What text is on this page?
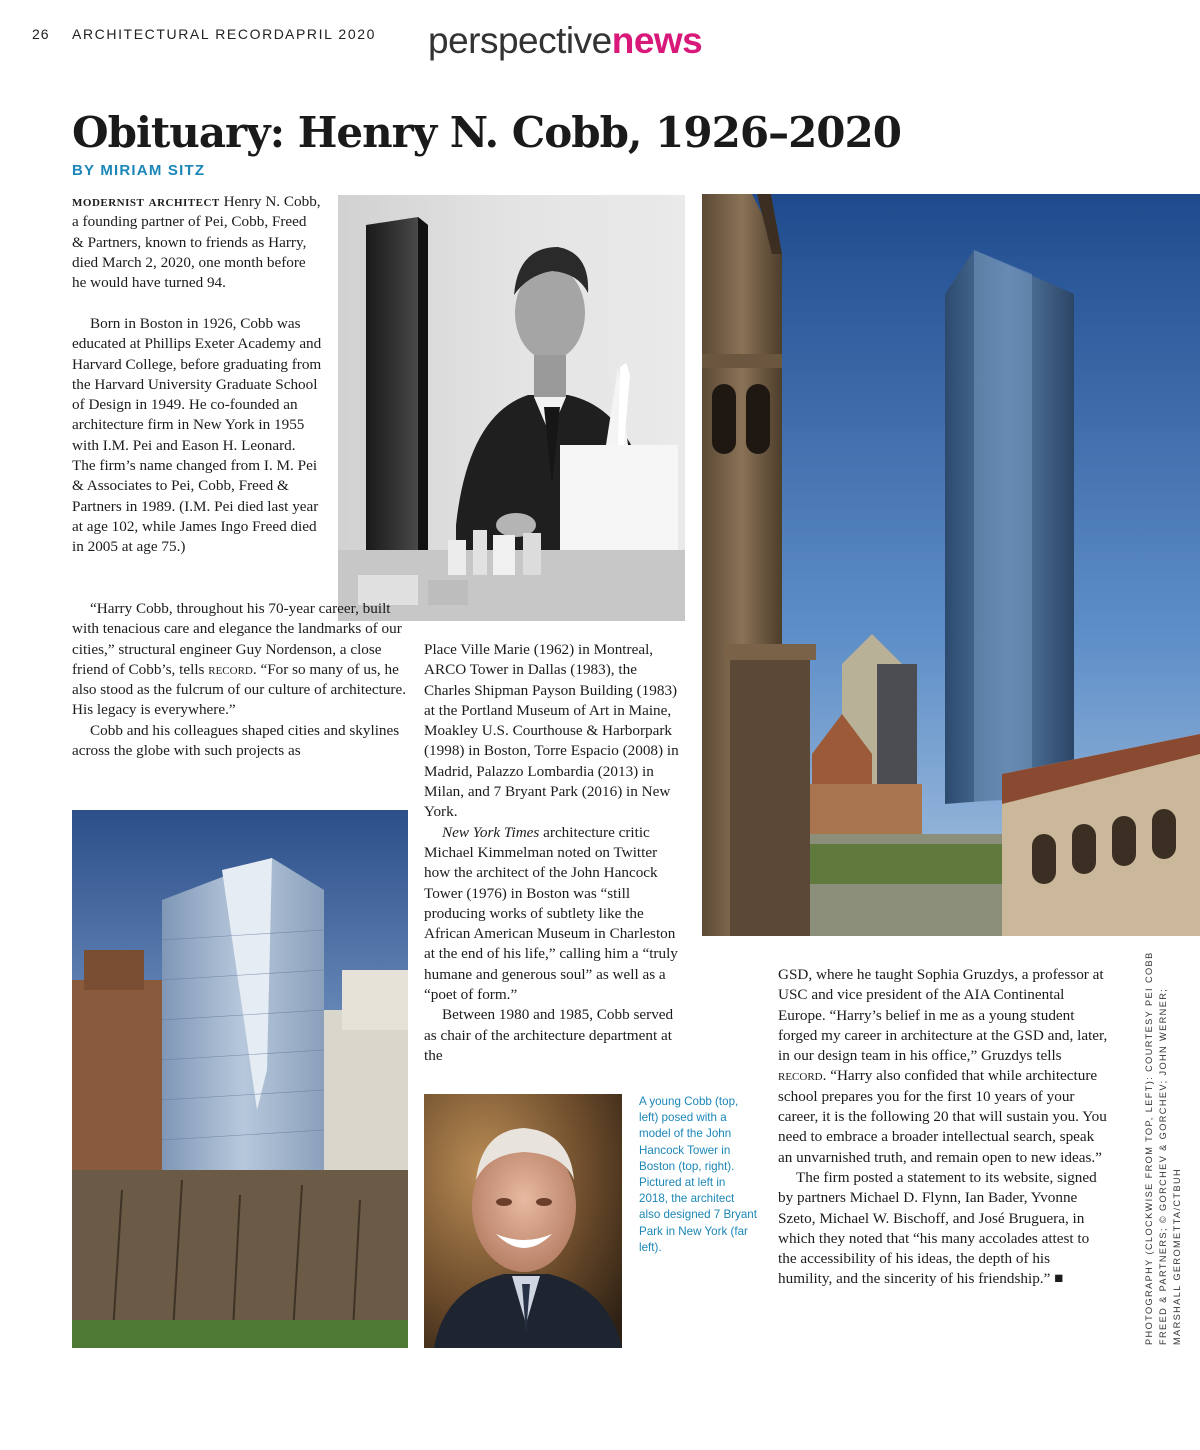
26 ARCHITECTURAL RECORD APRIL 2020 perspectivenews
Obituary: Henry N. Cobb, 1926–2020
BY MIRIAM SITZ

modernist architect Henry N. Cobb, a founding partner of Pei, Cobb, Freed & Partners, known to friends as Harry, died March 2, 2020, one month before he would have turned 94.

Born in Boston in 1926, Cobb was educated at Phillips Exeter Academy and Harvard College, before graduating from the Harvard University Graduate School of Design in 1949. He co-founded an architecture firm in New York in 1955 with I.M. Pei and Eason H. Leonard. The firm’s name changed from I. M. Pei & Associates to Pei, Cobb, Freed & Partners in 1989. (I.M. Pei died last year at age 102, while James Ingo Freed died in 2005 at age 75.)

“Harry Cobb, throughout his 70-year career, built with tenacious care and elegance the landmarks of our cities,” structural engineer Guy Nordenson, a close friend of Cobb’s, tells record. “For so many of us, he also stood as the fulcrum of our culture of architecture. His legacy is everywhere.”

Cobb and his colleagues shaped cities and skylines across the globe with such projects as

Place Ville Marie (1962) in Montreal, ARCO Tower in Dallas (1983), the Charles Shipman Payson Building (1983) at the Portland Museum of Art in Maine, Moakley U.S. Courthouse & Harborpark (1998) in Boston, Torre Espacio (2008) in Madrid, Palazzo Lombardia (2013) in Milan, and 7 Bryant Park (2016) in New York.

New York Times architecture critic Michael Kimmelman noted on Twitter how the architect of the John Hancock Tower (1976) in Boston was “still producing works of subtlety like the African American Museum in Charleston at the end of his life,” calling him a “truly humane and generous soul” as well as a “poet of form.”

Between 1980 and 1985, Cobb served as chair of the architecture department at the

A young Cobb (top, left) posed with a model of the John Hancock Tower in Boston (top, right). Pictured at left in 2018, the architect also designed 7 Bryant Park in New York (far left).

GSD, where he taught Sophia Gruzdys, a professor at USC and vice president of the AIA Continental Europe. “Harry’s belief in me as a young student forged my career in architecture at the GSD and, later, in our design team in his office,” Gruzdys tells record. “Harry also confided that while architecture school prepares you for the first 10 years of your career, it is the following 20 that will sustain you. You need to embrace a broader intellectual search, speak an unvarnished truth, and remain open to new ideas.”

The firm posted a statement to its website, signed by partners Michael D. Flynn, Ian Bader, Yvonne Szeto, Michael W. Bischoff, and José Bruguera, in which they noted that “his many accolades attest to the accessibility of his ideas, the depth of his humility, and the sincerity of his friendship.” ■	PHOTOGRAPHY (CLOCKWISE FROM TOP, LEFT): COURTESY PEI COBB FREED & PARTNERS; © GORCHEV & GORCHEV; JOHN WERNER; MARSHALL GEROMETTA/CTBUH
